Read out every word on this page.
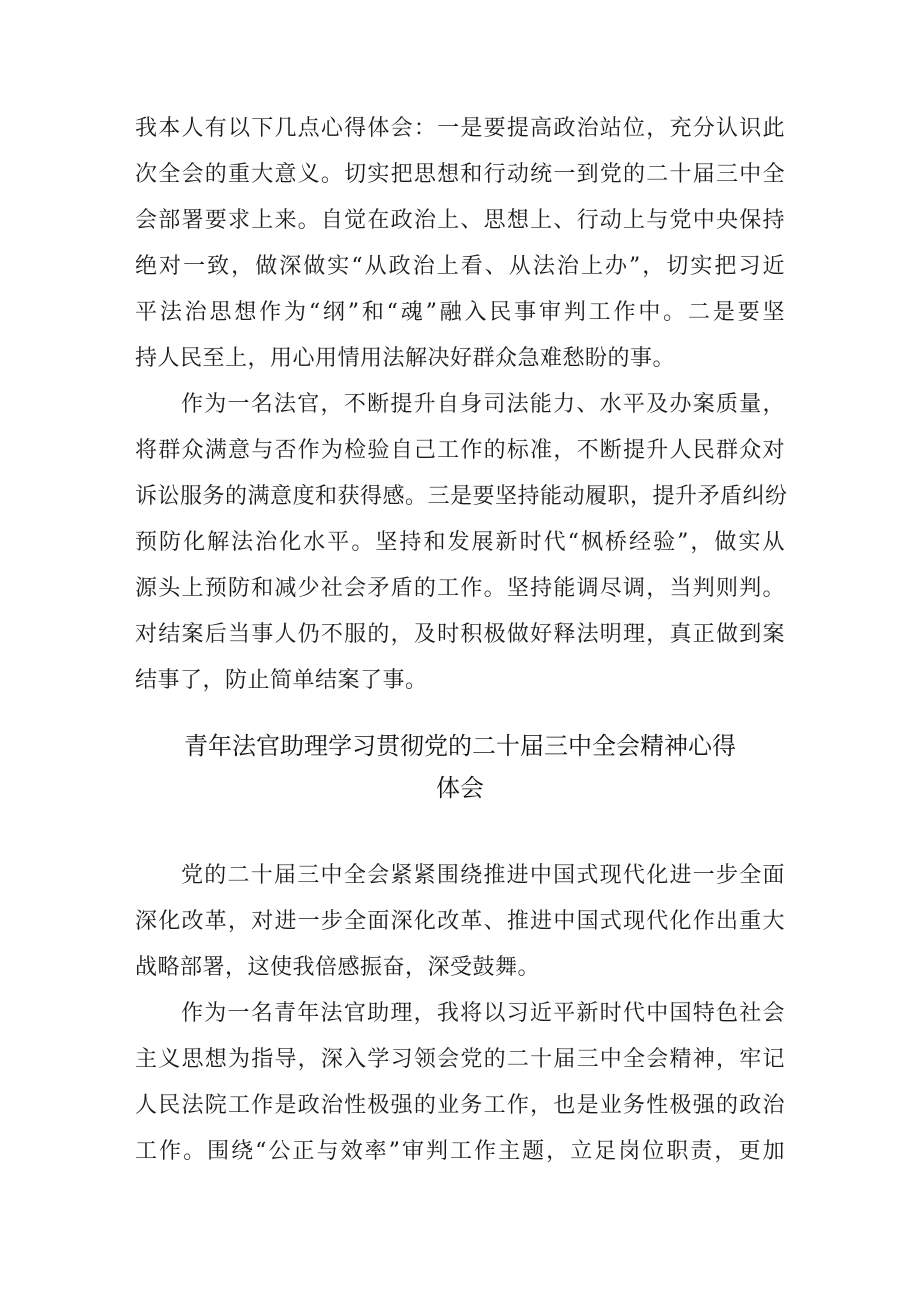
我本人有以下几点心得体会：一是要提高政治站位，充分认识此
次全会的重大意义。切实把思想和行动统一到党的二十届三中全
会部署要求上来。自觉在政治上、思想上、行动上与党中央保持
绝对一致，做深做实“从政治上看、从法治上办”，切实把习近
平法治思想作为“纲”和“魂”融入民事审判工作中。二是要坚
持人民至上，用心用情用法解决好群众急难愁盼的事。
作为一名法官，不断提升自身司法能力、水平及办案质量，
将群众满意与否作为检验自己工作的标准，不断提升人民群众对
诉讼服务的满意度和获得感。三是要坚持能动履职，提升矛盾纠纷
预防化解法治化水平。坚持和发展新时代“枫桥经验”，做实从
源头上预防和减少社会矛盾的工作。坚持能调尽调，当判则判。
对结案后当事人仍不服的，及时积极做好释法明理，真正做到案
结事了，防止简单结案了事。
青年法官助理学习贯彻党的二十届三中全会精神心得
体会
党的二十届三中全会紧紧围绕推进中国式现代化进一步全面
深化改革，对进一步全面深化改革、推进中国式现代化作出重大
战略部署，这使我倍感振奋，深受鼓舞。
作为一名青年法官助理，我将以习近平新时代中国特色社会
主义思想为指导，深入学习领会党的二十届三中全会精神，牢记
人民法院工作是政治性极强的业务工作，也是业务性极强的政治
工作。围绕“公正与效率”审判工作主题，立足岗位职责，更加
